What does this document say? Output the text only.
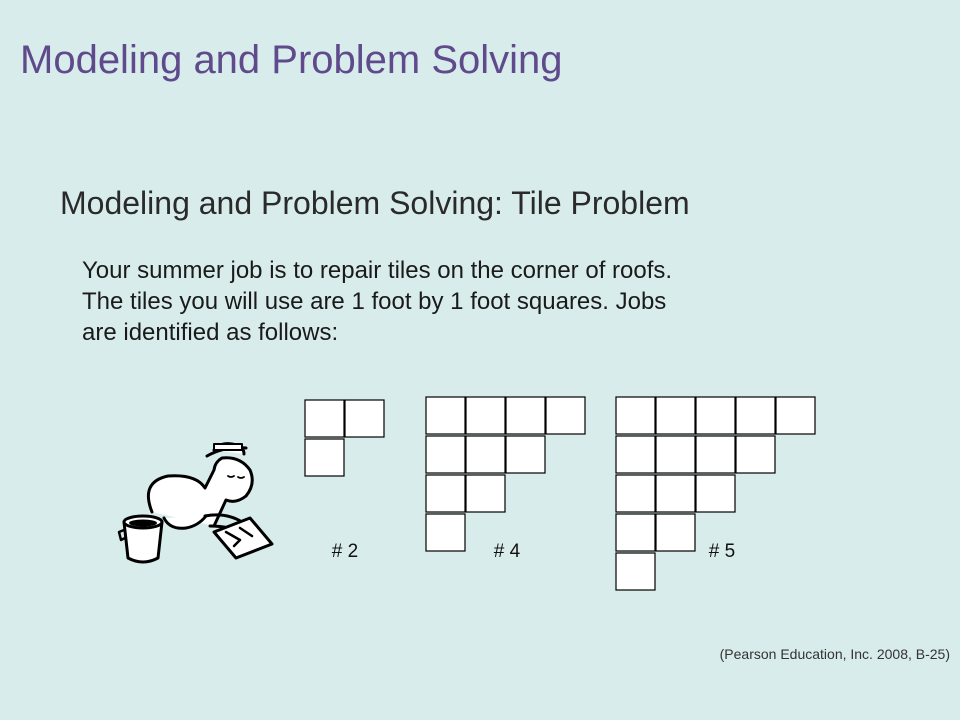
Modeling and Problem Solving
Modeling and Problem Solving: Tile Problem
Your summer job is to repair tiles on the corner of roofs.
The tiles you will use are 1 foot by 1 foot squares. Jobs
are identified as follows:
# 2	# 4	# 5
(Pearson Education, Inc. 2008, B-25)
